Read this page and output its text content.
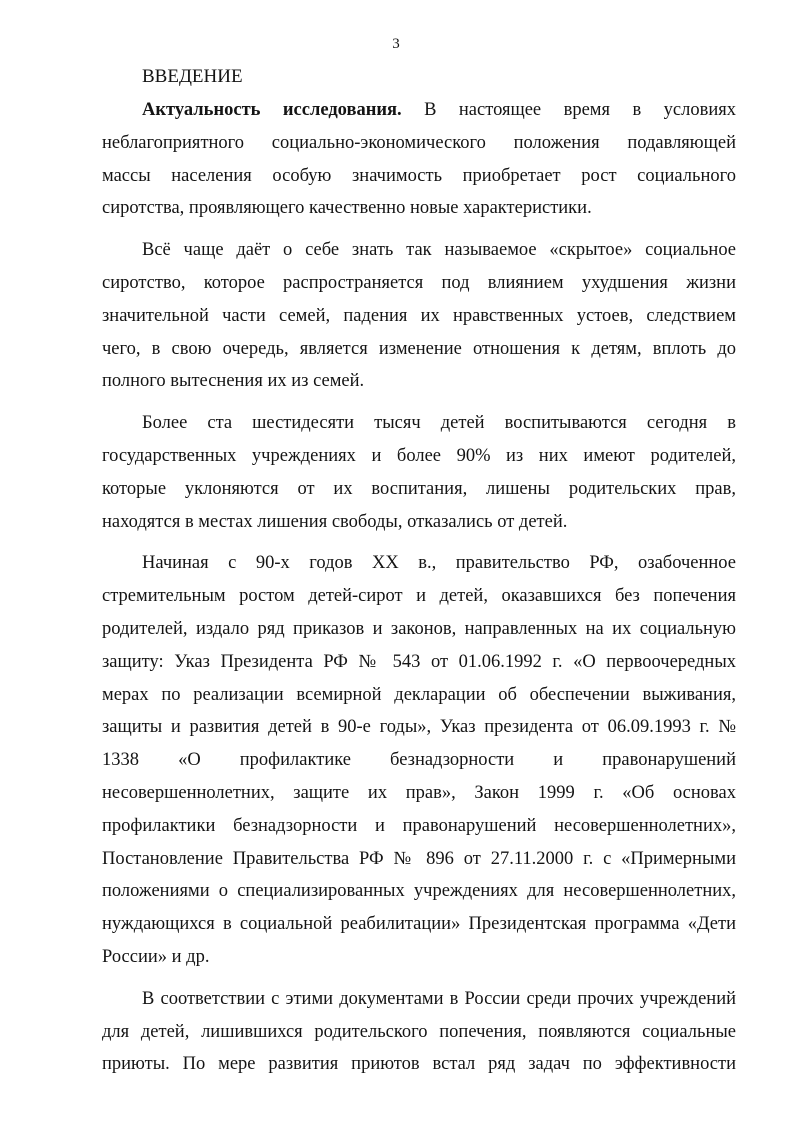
3
ВВЕДЕНИЕ

Актуальность исследования. В настоящее время в условиях
неблагоприятного социально-экономического положения подавляющей
массы населения особую значимость приобретает рост социального
сиротства, проявляющего качественно новые характеристики.

Всё чаще даёт о себе знать так называемое «скрытое» социальное
сиротство, которое распространяется под влиянием ухудшения жизни
значительной части семей, падения их нравственных устоев, следствием
чего, в свою очередь, является изменение отношения к детям, вплоть до
полного вытеснения их из семей.

Более ста шестидесяти тысяч детей воспитываются сегодня в
государственных учреждениях и более 90% из них имеют родителей,
которые уклоняются от их воспитания, лишены родительских прав,
находятся в местах лишения свободы, отказались от детей.

Начиная с 90-х годов XX в., правительство РФ, озабоченное
стремительным ростом детей-сирот и детей, оказавшихся без попечения
родителей, издало ряд приказов и законов, направленных на их социальную
защиту: Указ Президента РФ № 543 от 01.06.1992 г. «О первоочередных
мерах по реализации всемирной декларации об обеспечении выживания,
защиты и развития детей в 90-е годы», Указ президента от 06.09.1993 г. №
1338 «О профилактике безнадзорности и правонарушений
несовершеннолетних, защите их прав», Закон 1999 г. «Об основах
профилактики безнадзорности и правонарушений несовершеннолетних»,
Постановление Правительства РФ № 896 от 27.11.2000 г. с «Примерными
положениями о специализированных учреждениях для несовершеннолетних,
нуждающихся в социальной реабилитации» Президентская программа «Дети
России» и др.

В соответствии с этими документами в России среди прочих учреждений
для детей, лишившихся родительского попечения, появляются социальные
приюты. По мере развития приютов встал ряд задач по эффективности
